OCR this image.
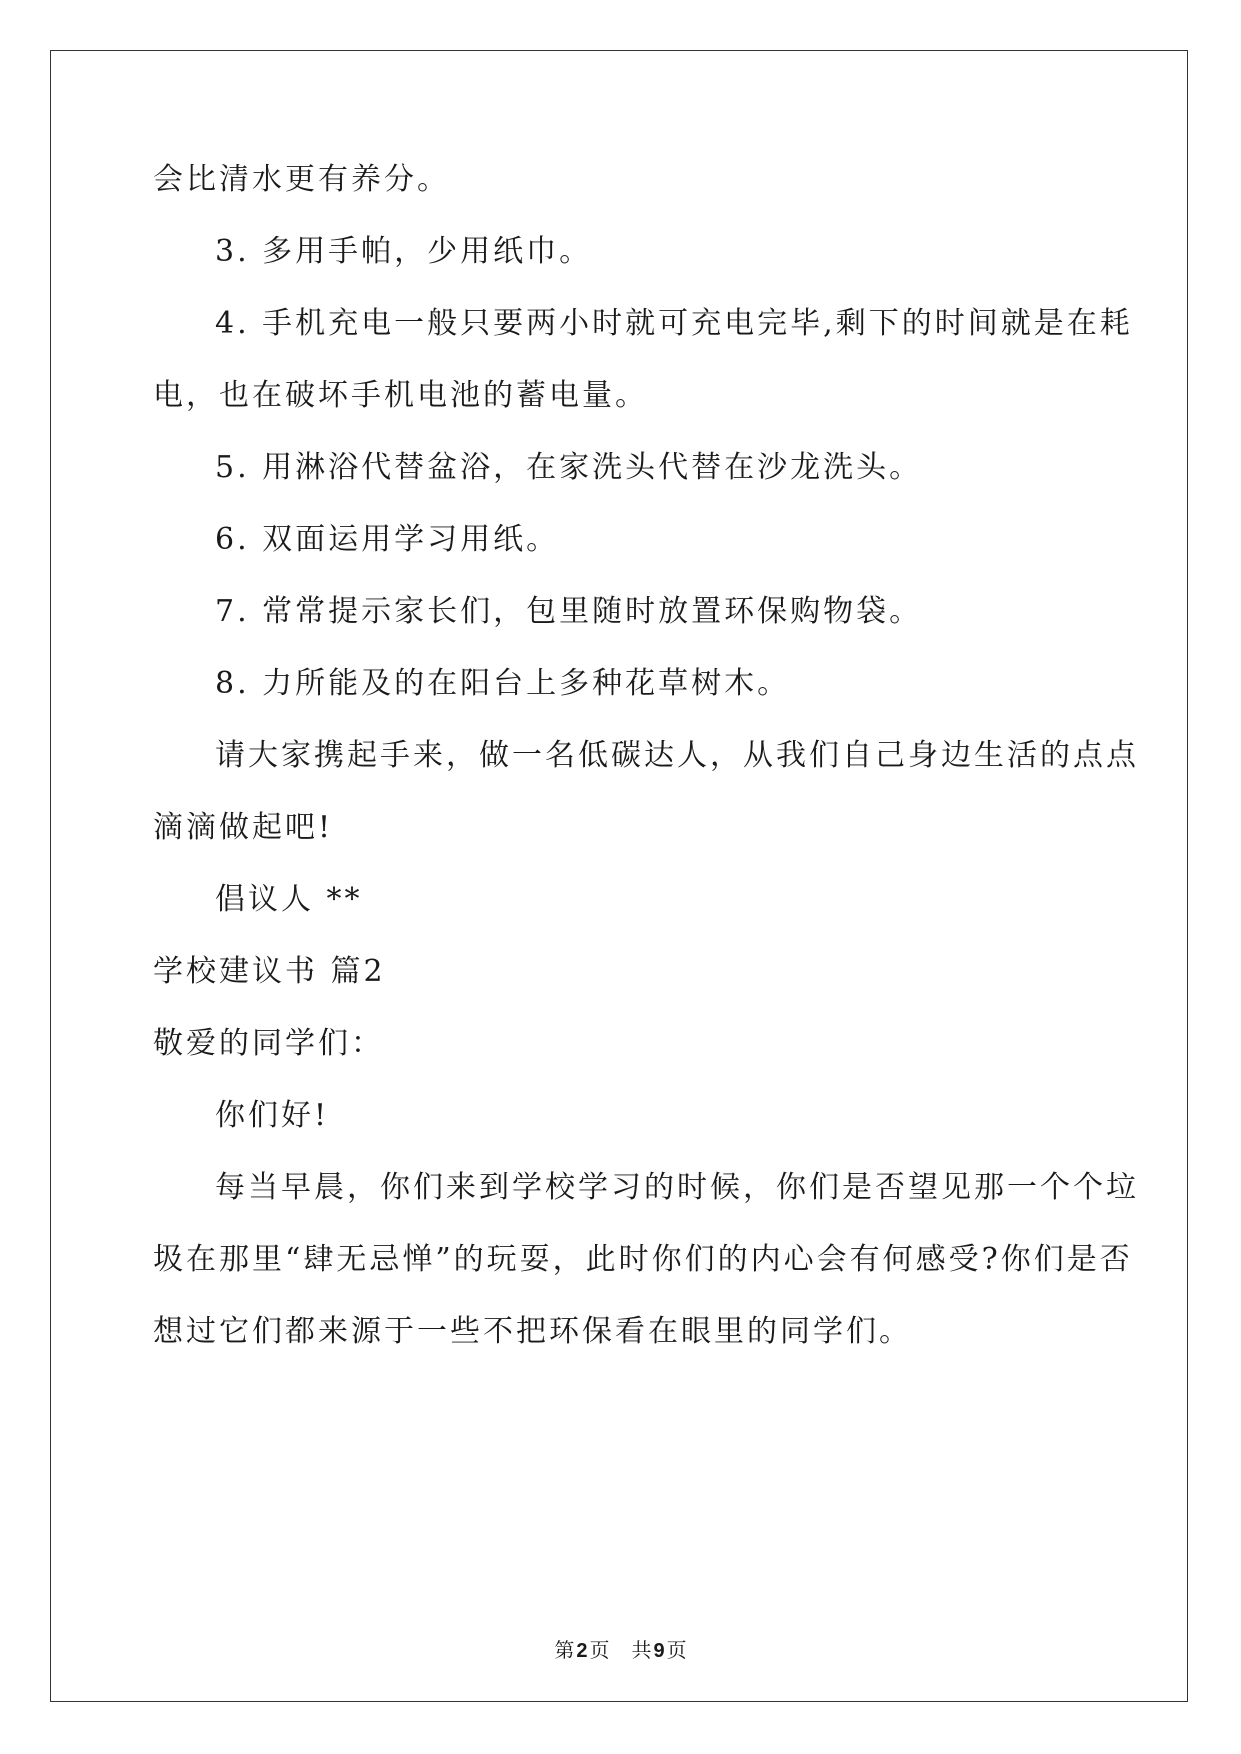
会比清水更有养分。
3. 多用手帕，少用纸巾。
4. 手机充电一般只要两小时就可充电完毕,剩下的时间就是在耗
电，也在破坏手机电池的蓄电量。
5. 用淋浴代替盆浴，在家洗头代替在沙龙洗头。
6. 双面运用学习用纸。
7. 常常提示家长们，包里随时放置环保购物袋。
8. 力所能及的在阳台上多种花草树木。
请大家携起手来，做一名低碳达人，从我们自己身边生活的点点
滴滴做起吧!
倡议人 **
学校建议书 篇2
敬爱的同学们：
你们好!
每当早晨，你们来到学校学习的时候，你们是否望见那一个个垃
圾在那里“肆无忌惮”的玩耍，此时你们的内心会有何感受?你们是否
想过它们都来源于一些不把环保看在眼里的同学们。
第 2 页 共 9 页
